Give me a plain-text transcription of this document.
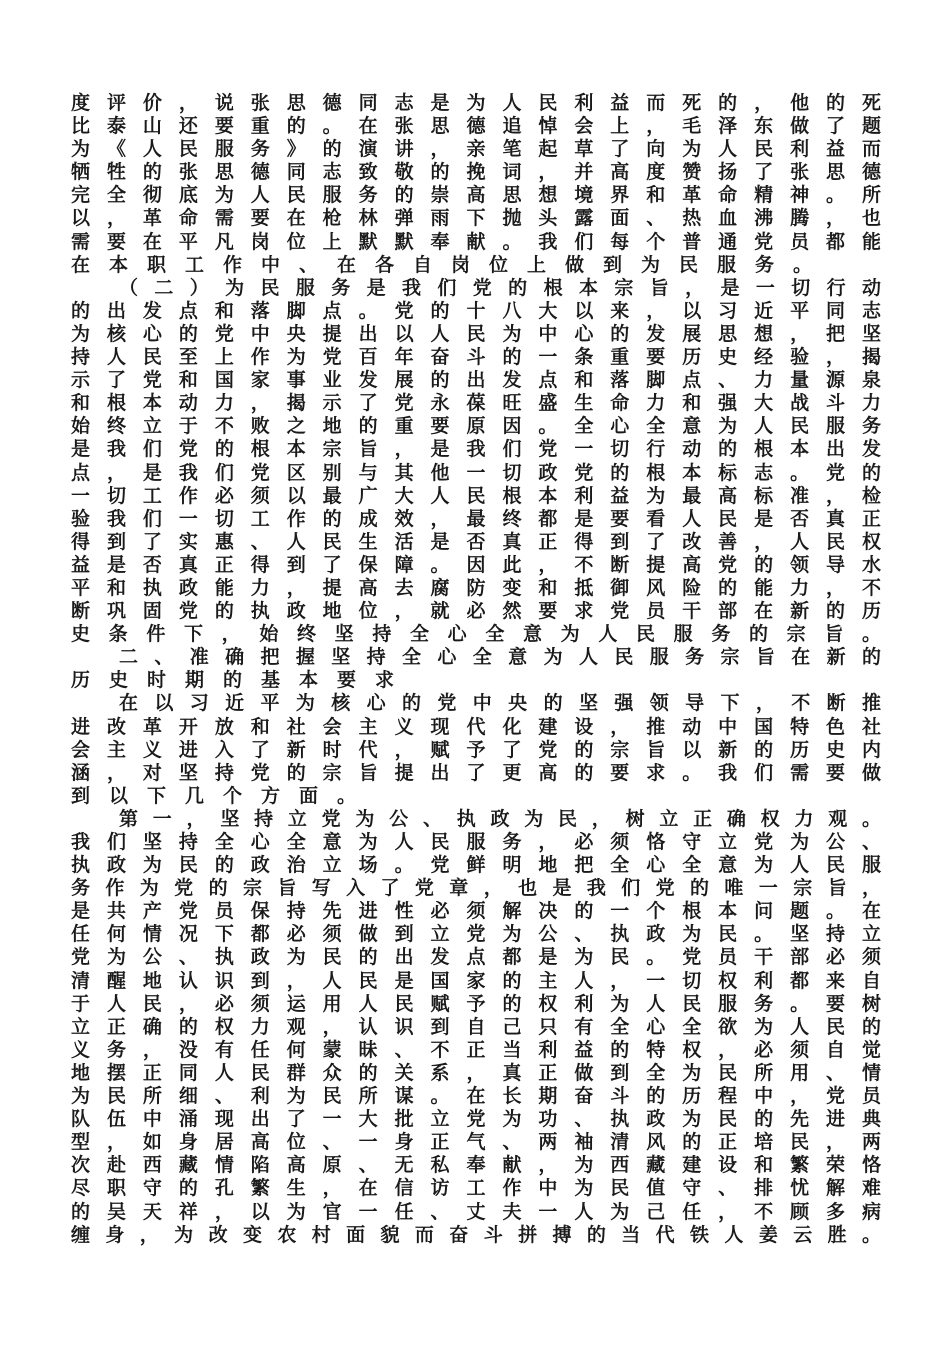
度评价，说张思德同志是为人民利益而死的，他的死
比泰山还要重的。在张思德追悼会上，毛泽东做了题
为《人民服务》的演讲，亲笔起草了向为人民利益而
牺牲的张思德同志致敬的挽词，并高度赞扬了张思德
完全彻底为人民服务的崇高思想境界和革命精神。所
以，革命需要在枪林弹雨下抛头露面、热血沸腾，也
需要在平凡岗位上默默奉献。我们每个普通党员都能
在本职工作中、在各自岗位上做到为民服务。
（二）为民服务是我们党的根本宗旨，是一切行动
的出发点和落脚点。党的十八大以来，以习近平同志
为核心的党中央提出以人民为中心的发展思想，把坚
持人民至上作为党百年奋斗的一条重要历史经验，揭
示了党和国家事业发展的出发点和落脚点、力量源泉
和根本动力，揭示了党永葆旺盛生命力和强大战斗力
始终立于不败之地的重要原因。全心全意为人民服务
是我们党的根本宗旨，是我们党一切行动的根本出发
点，是我们党区别与其他一切政党的根本标志。党的
一切工作必须以最广大人民根本利益为最高标准，检
验我们一切工作的成效，最终都是要看人民是否真正
得到了实惠、人民生活是否真正得到了改善，人民权
益是否真正得到了保障。因此，不断提高党的领导水
平和执政能力，提高去腐防变和抵御风险的能力，不
断巩固党的执政地位，就必然要求党员干部在新的历
史条件下，始终坚持全心全意为人民服务的宗旨。
二、准确把握坚持全心全意为人民服务宗旨在新的
历史时期的基本要求
在以习近平为核心的党中央的坚强领导下，不断推
进改革开放和社会主义现代化建设，推动中国特色社
会主义进入了新时代，赋予了党的宗旨以新的历史内
涵，对坚持党的宗旨提出了更高的要求。我们需要做
到以下几个方面。
第一，坚持立党为公、执政为民，树立正确权力观。
我们坚持全心全意为人民服务，必须恪守立党为公、
执政为民的政治立场。党鲜明地把全心全意为人民服
务作为党的宗旨写入了党章，也是我们党的唯一宗旨，
是共产党员保持先进性必须解决的一个根本问题。在
任何情况下都必须做到立党为公、执政为民。坚持立
党为公、执政为民的出发点都是为民。党员干部必须
清醒地认识到，人民是国家的主人，一切权利都来自
于人民，必须运用人民赋予的权利为人民服务。要树
立正确的权力观，认识到自己只有全心全欲为人民的
义务，没有任何蒙昧、不正当利益的特权，必须自觉
地摆正同人民群众的关系，真正做到全为民所用、情
为民所细、利为民所谋。在长期奋斗的历程中，党员
队伍中涌现出了一大批立党为功、执政为民的先进典
型，如身居高位、一身正气、两袖清风的正培民，两
次赴西藏情陷高原、无私奉献，为西藏建设和繁荣恪
尽职守的孔繁生，在信访工作中为民值守、排忧解难
的吴天祥，以为官一任、丈夫一人为己任，不顾多病
缠身，为改变农村面貌而奋斗拼搏的当代铁人姜云胜。
